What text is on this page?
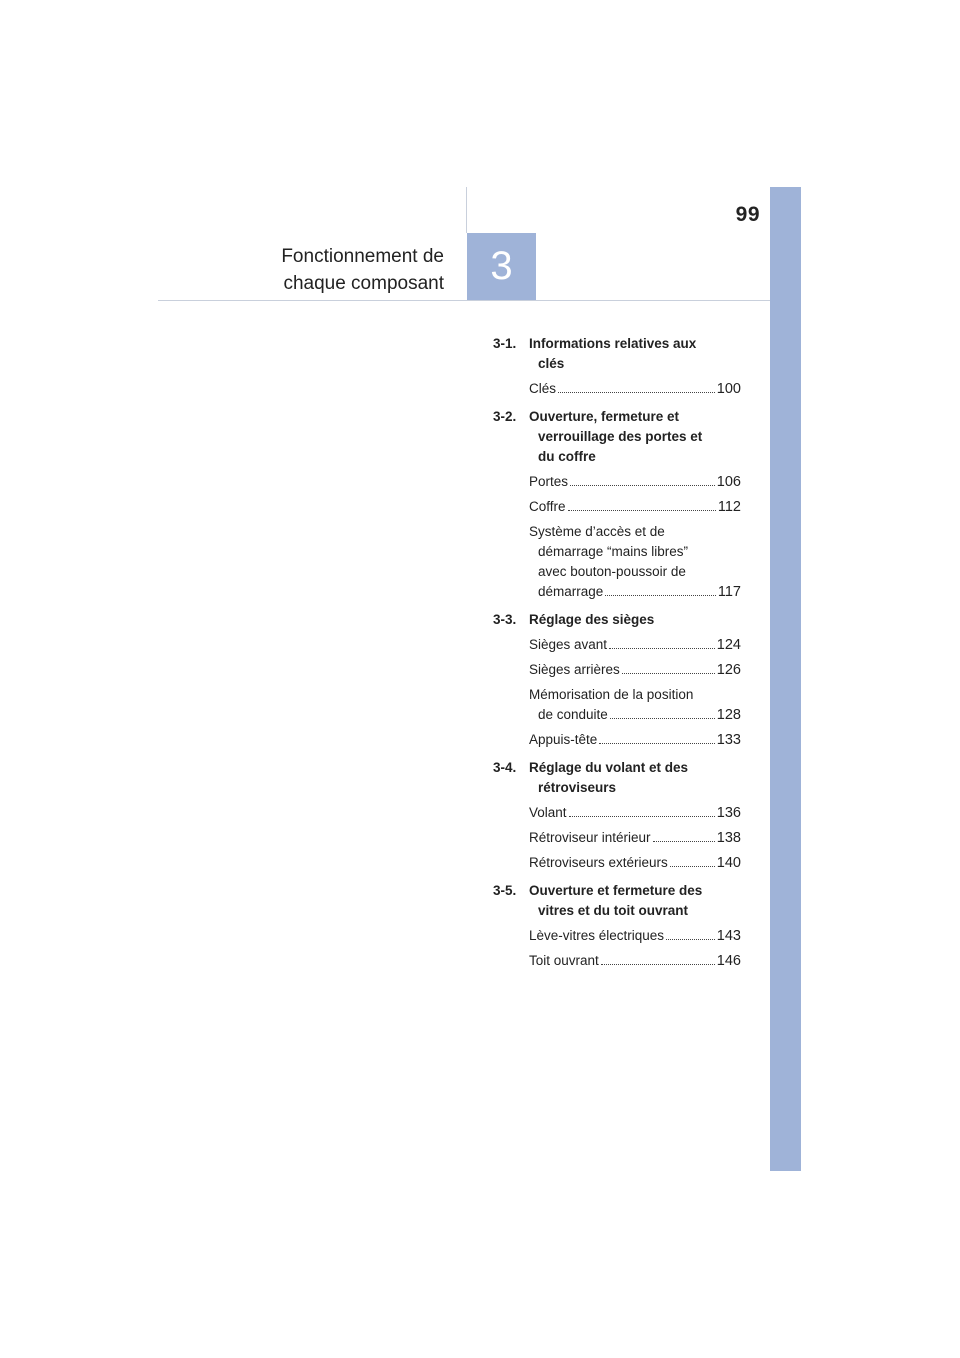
99
Fonctionnement de
chaque composant	3
3-1. Informations relatives aux
clés
Clés	100
3-2. Ouverture, fermeture et
verrouillage des portes et
du coffre
Portes	106
Coffre	112
Système d’accès et de
démarrage “mains libres”
avec bouton-poussoir de
démarrage	117
3-3. Réglage des sièges
Sièges avant	124
Sièges arrières	126
Mémorisation de la position
de conduite	128
Appuis-tête	133
3-4. Réglage du volant et des
rétroviseurs
Volant	136
Rétroviseur intérieur	138
Rétroviseurs extérieurs	140
3-5. Ouverture et fermeture des
vitres et du toit ouvrant
Lève-vitres électriques	143
Toit ouvrant	146
